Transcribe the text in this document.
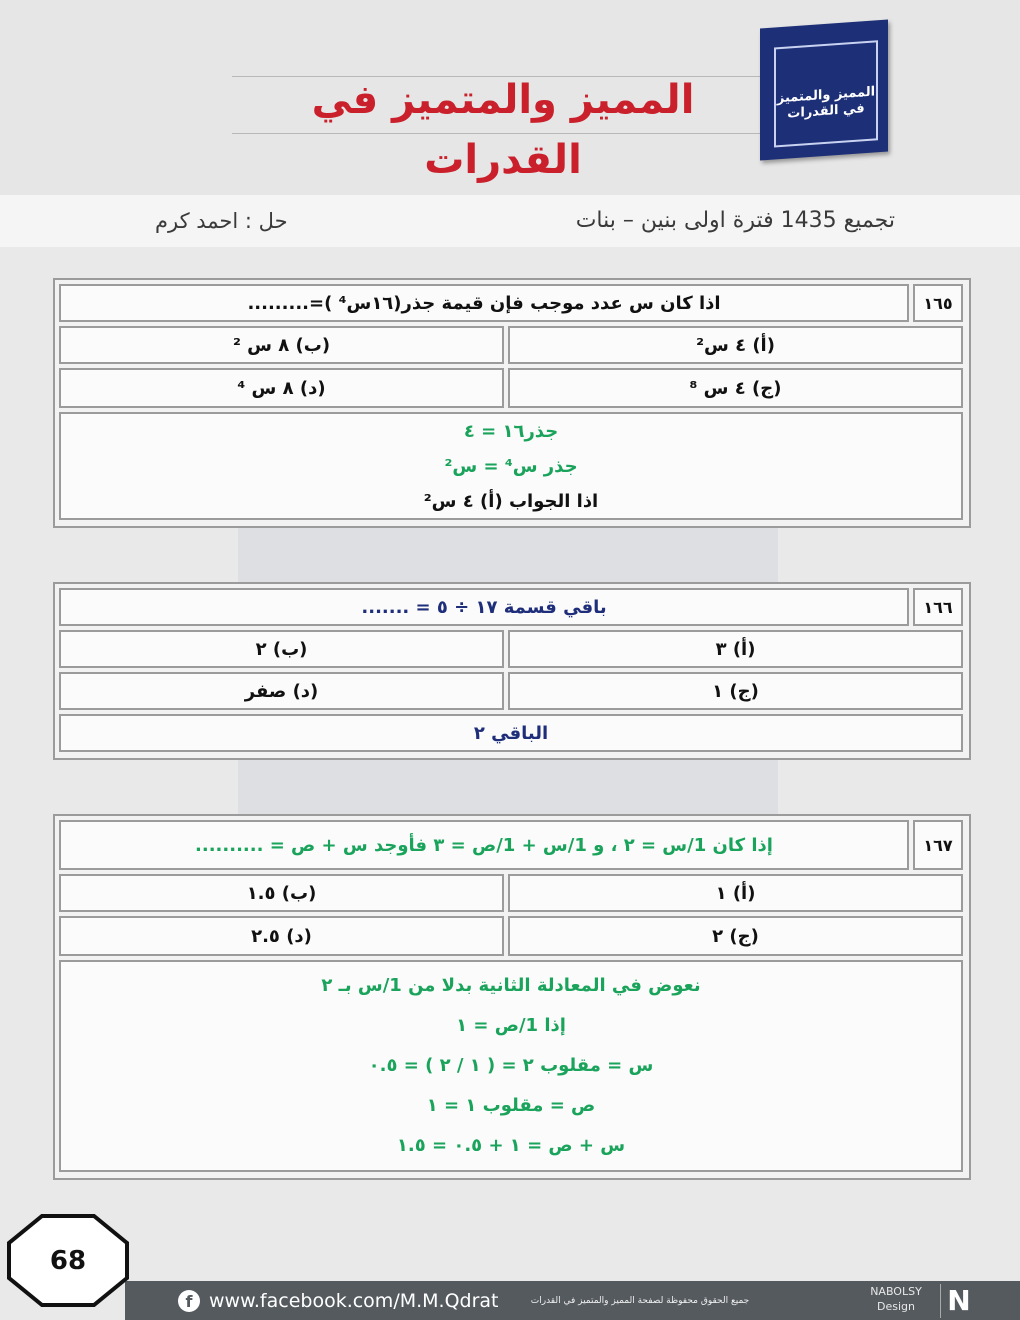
المميز والمتميز في القدرات
المميز والمتميز في القدرات
تجميع 1435 فترة اولى بنين – بنات
حل : احمد كرم
١٦٥
اذا كان س عدد موجب فإن قيمة جذر(١٦س⁴ )=.........
(أ) ٤ س²
(ب) ٨ س ²
(ج) ٤ س ⁸
(د) ٨ س ⁴
جذر١٦ = ٤
جذر س⁴ = س²
اذا الجواب (أ) ٤ س²
١٦٦
باقي قسمة ١٧ ÷ ٥ = .......
(أ) ٣
(ب) ٢
(ج) ١
(د) صفر
الباقي ٢
١٦٧
إذا كان 1/س = ٢ ، و 1/س + 1/ص = ٣ فأوجد س + ص = ..........
(أ) ١
(ب) ١.٥
(ج) ٢
(د) ٢.٥
نعوض في المعادلة الثانية بدلا من 1/س بـ ٢
إذا 1/ص = ١
س = مقلوب ٢ = ( ١ / ٢ ) = ٠.٥
ص = مقلوب ١ = ١
س + ص = ١ + ٠.٥ = ١.٥
f www.facebook.com/M.M.Qdrat	جميع الحقوق محفوظة لصفحة المميز والمتميز في القدرات
NABOLSY Design	N
68
